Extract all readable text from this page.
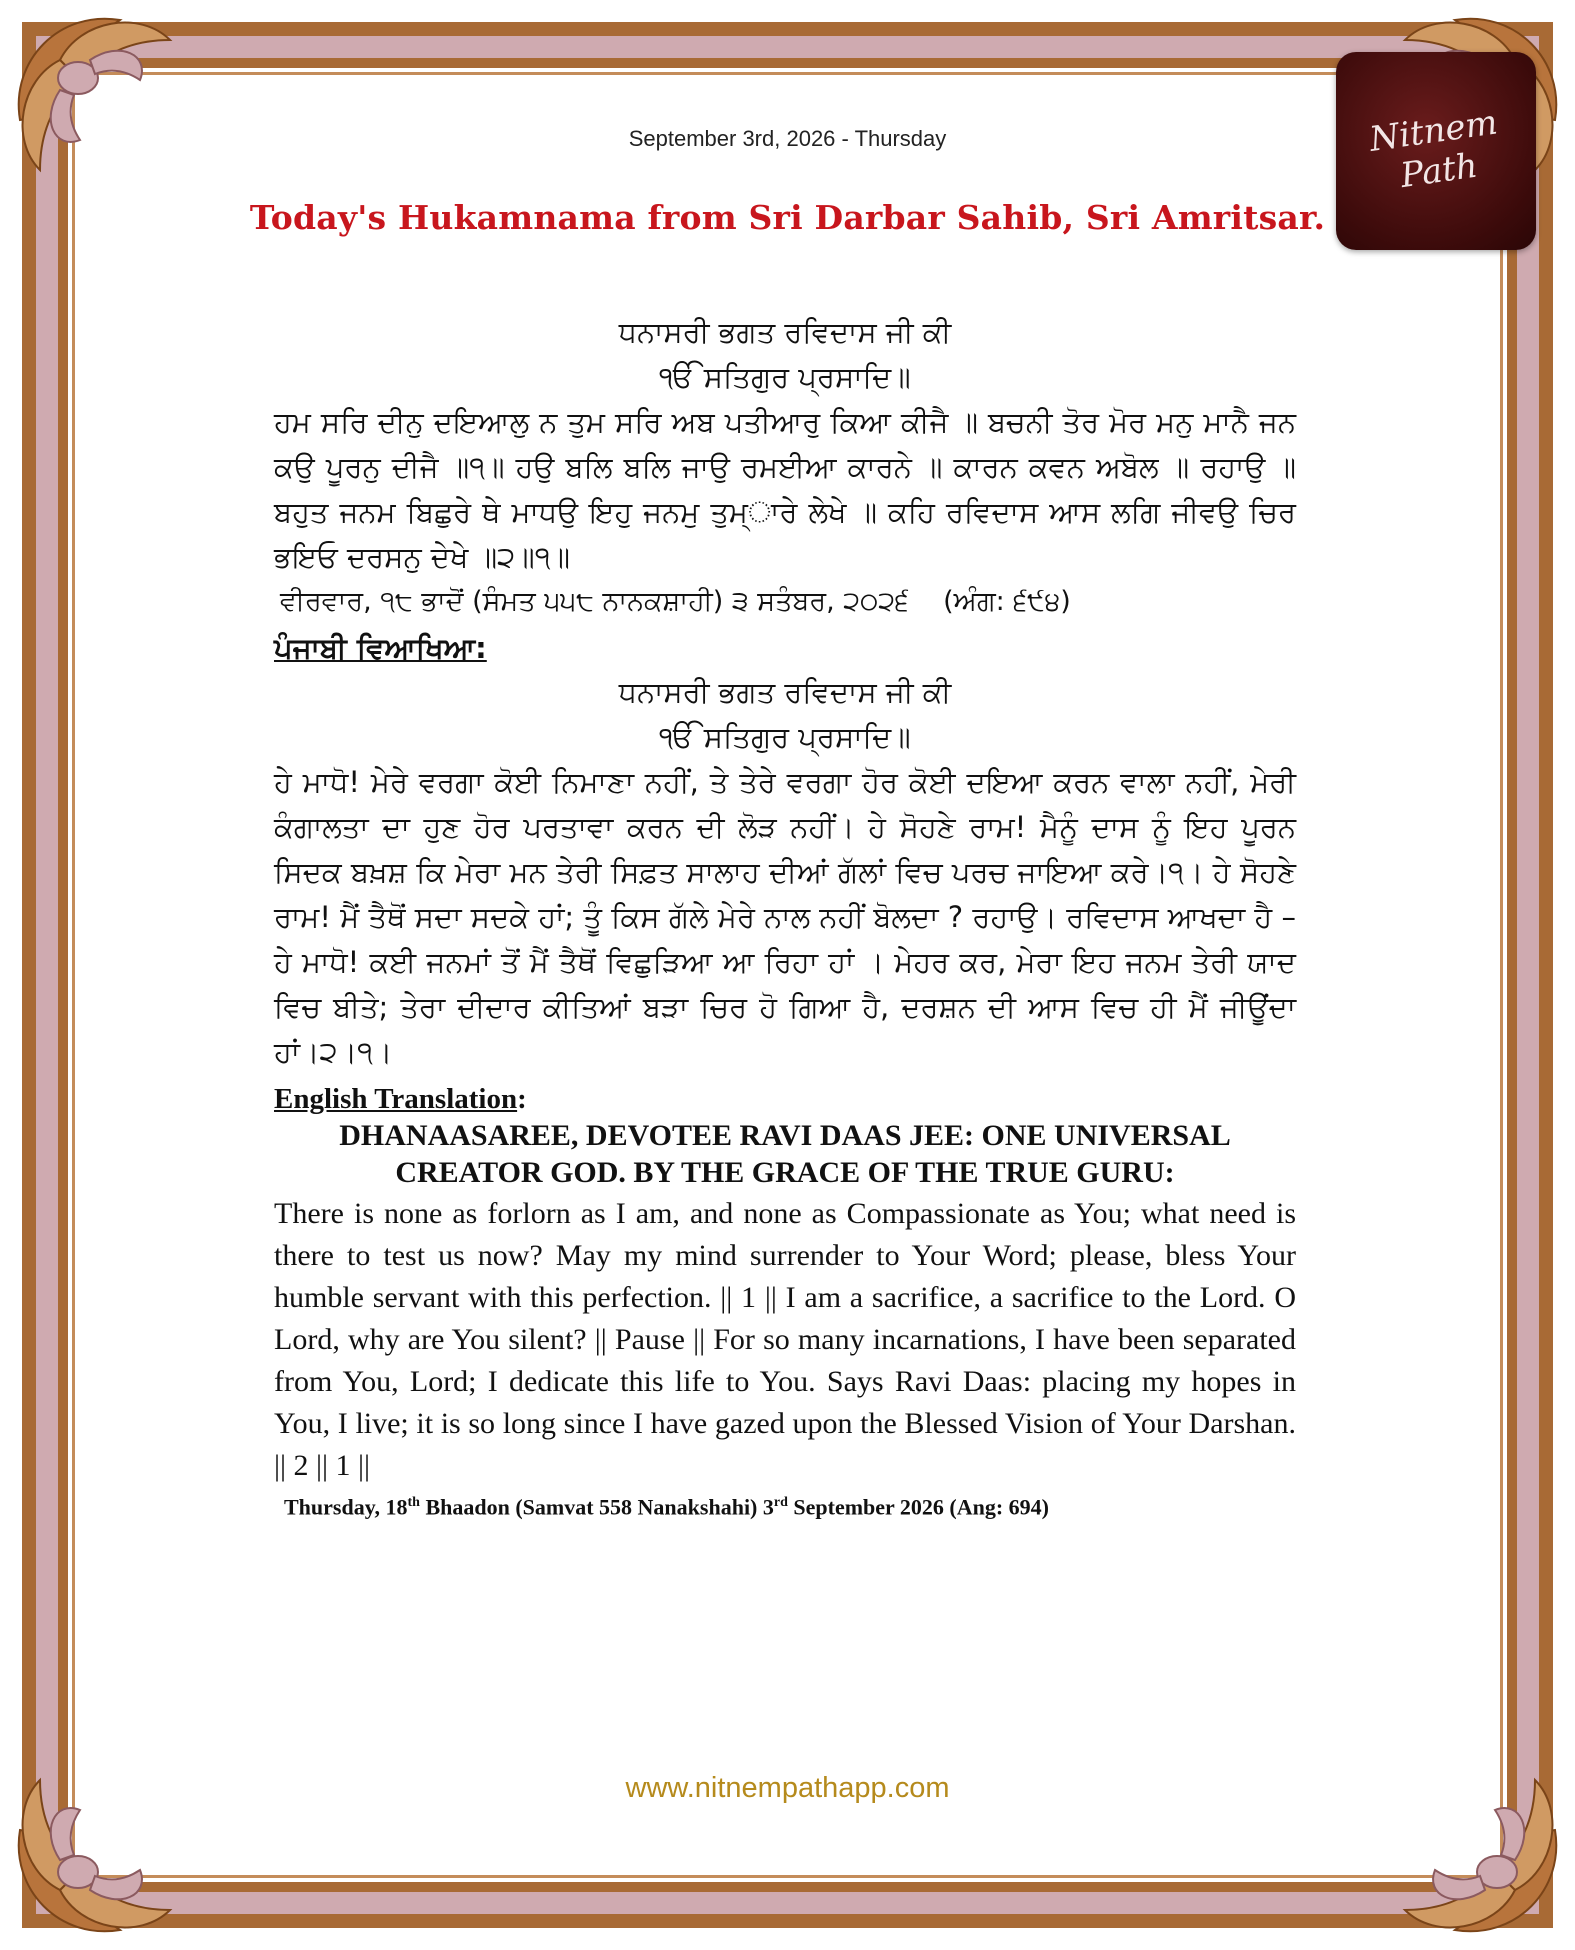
Nitnem
Path
September 3rd, 2026 - Thursday
Today's Hukamnama from Sri Darbar Sahib, Sri Amritsar.
ਧਨਾਸਰੀ ਭਗਤ ਰਵਿਦਾਸ ਜੀ ਕੀ
ੴ ਸਤਿਗੁਰ ਪ੍ਰਸਾਦਿ॥
ਹਮ ਸਰਿ ਦੀਨੁ ਦਇਆਲੁ ਨ ਤੁਮ ਸਰਿ ਅਬ ਪਤੀਆਰੁ ਕਿਆ ਕੀਜੈ ॥ ਬਚਨੀ ਤੋਰ ਮੋਰ ਮਨੁ ਮਾਨੈ ਜਨ ਕਉ ਪੂਰਨੁ ਦੀਜੈ ॥੧॥ ਹਉ ਬਲਿ ਬਲਿ ਜਾਉ ਰਮਈਆ ਕਾਰਨੇ ॥ ਕਾਰਨ ਕਵਨ ਅਬੋਲ ॥ ਰਹਾਉ ॥ ਬਹੁਤ ਜਨਮ ਬਿਛੁਰੇ ਥੇ ਮਾਧਉ ਇਹੁ ਜਨਮੁ ਤੁਮ੍ਾਰੇ ਲੇਖੇ ॥ ਕਹਿ ਰਵਿਦਾਸ ਆਸ ਲਗਿ ਜੀਵਉ ਚਿਰ ਭਇਓ ਦਰਸਨੁ ਦੇਖੇ ॥੨॥੧॥
ਵੀਰਵਾਰ, ੧੮ ਭਾਦੋਂ (ਸੰਮਤ ੫੫੮ ਨਾਨਕਸ਼ਾਹੀ) ੩ ਸਤੰਬਰ, ੨੦੨੬    (ਅੰਗ: ੬੯੪)
ਪੰਜਾਬੀ ਵਿਆਖਿਆ:
ਧਨਾਸਰੀ ਭਗਤ ਰਵਿਦਾਸ ਜੀ ਕੀ
ੴ ਸਤਿਗੁਰ ਪ੍ਰਸਾਦਿ॥
ਹੇ ਮਾਧੋ! ਮੇਰੇ ਵਰਗਾ ਕੋਈ ਨਿਮਾਣਾ ਨਹੀਂ, ਤੇ ਤੇਰੇ ਵਰਗਾ ਹੋਰ ਕੋਈ ਦਇਆ ਕਰਨ ਵਾਲਾ ਨਹੀਂ, ਮੇਰੀ ਕੰਗਾਲਤਾ ਦਾ ਹੁਣ ਹੋਰ ਪਰਤਾਵਾ ਕਰਨ ਦੀ ਲੋੜ ਨਹੀਂ। ਹੇ ਸੋਹਣੇ ਰਾਮ! ਮੈਨੂੰ ਦਾਸ ਨੂੰ ਇਹ ਪੂਰਨ ਸਿਦਕ ਬਖ਼ਸ਼ ਕਿ ਮੇਰਾ ਮਨ ਤੇਰੀ ਸਿਫ਼ਤ ਸਾਲਾਹ ਦੀਆਂ ਗੱਲਾਂ ਵਿਚ ਪਰਚ ਜਾਇਆ ਕਰੇ।੧। ਹੇ ਸੋਹਣੇ ਰਾਮ! ਮੈਂ ਤੈਥੋਂ ਸਦਾ ਸਦਕੇ ਹਾਂ; ਤੂੰ ਕਿਸ ਗੱਲੇ ਮੇਰੇ ਨਾਲ ਨਹੀਂ ਬੋਲਦਾ ? ਰਹਾਉ। ਰਵਿਦਾਸ ਆਖਦਾ ਹੈ – ਹੇ ਮਾਧੋ! ਕਈ ਜਨਮਾਂ ਤੋਂ ਮੈਂ ਤੈਥੋਂ ਵਿਛੁੜਿਆ ਆ ਰਿਹਾ ਹਾਂ । ਮੇਹਰ ਕਰ, ਮੇਰਾ ਇਹ ਜਨਮ ਤੇਰੀ ਯਾਦ ਵਿਚ ਬੀਤੇ; ਤੇਰਾ ਦੀਦਾਰ ਕੀਤਿਆਂ ਬੜਾ ਚਿਰ ਹੋ ਗਿਆ ਹੈ, ਦਰਸ਼ਨ ਦੀ ਆਸ ਵਿਚ ਹੀ ਮੈਂ ਜੀਊਂਦਾ ਹਾਂ।੨।੧।
English Translation:
DHANAASAREE, DEVOTEE RAVI DAAS JEE: ONE UNIVERSAL CREATOR GOD. BY THE GRACE OF THE TRUE GURU:
There is none as forlorn as I am, and none as Compassionate as You; what need is there to test us now? May my mind surrender to Your Word; please, bless Your humble servant with this perfection. || 1 || I am a sacrifice, a sacrifice to the Lord. O Lord, why are You silent? || Pause || For so many incarnations, I have been separated from You, Lord; I dedicate this life to You. Says Ravi Daas: placing my hopes in You, I live; it is so long since I have gazed upon the Blessed Vision of Your Darshan. || 2 || 1 ||
Thursday, 18th Bhaadon (Samvat 558 Nanakshahi) 3rd September 2026 (Ang: 694)
www.nitnempathapp.com
